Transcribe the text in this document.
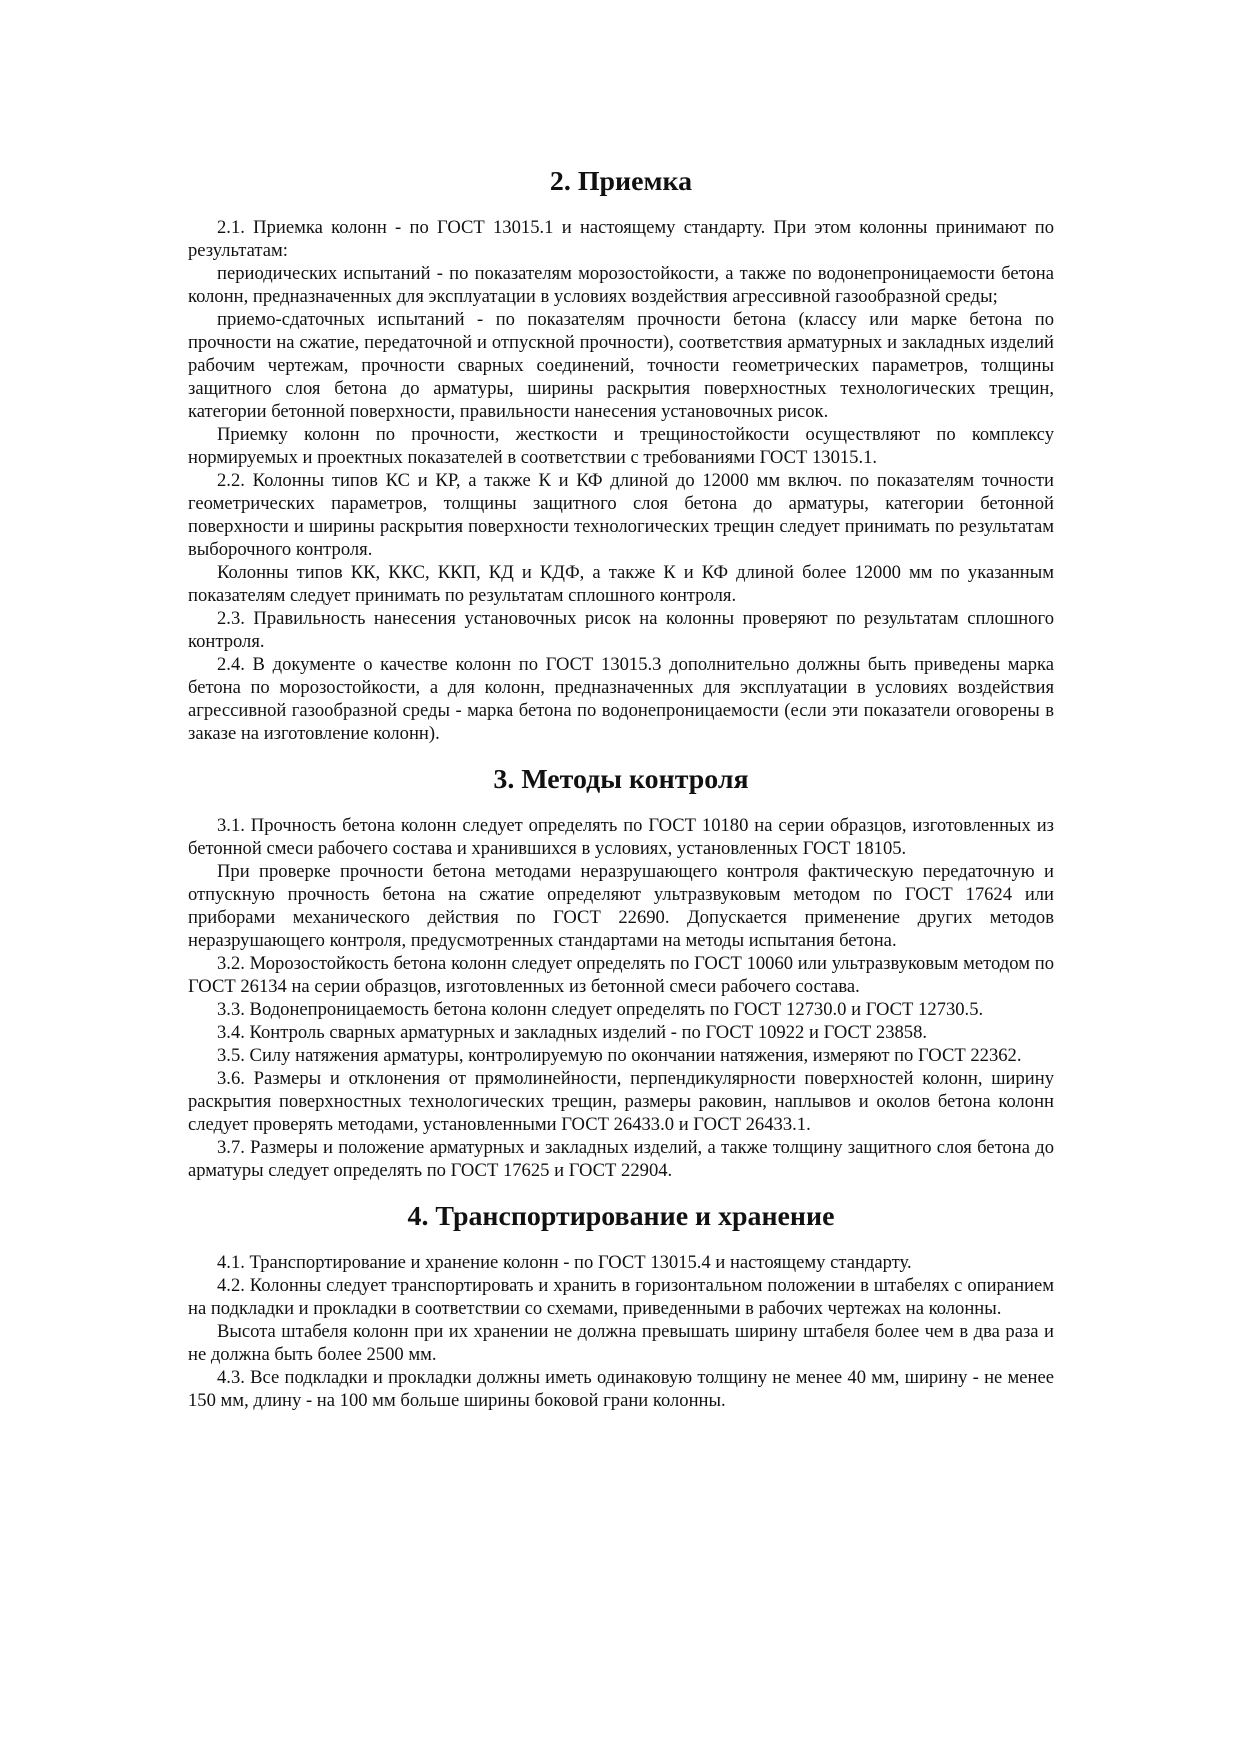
2. Приемка

2.1. Приемка колонн - по ГОСТ 13015.1 и настоящему стандарту. При этом колонны принимают по результатам:

периодических испытаний - по показателям морозостойкости, а также по водонепроницаемости бетона колонн, предназначенных для эксплуатации в условиях воздействия агрессивной газообразной среды;

приемо-сдаточных испытаний - по показателям прочности бетона (классу или марке бетона по прочности на сжатие, передаточной и отпускной прочности), соответствия арматурных и закладных изделий рабочим чертежам, прочности сварных соединений, точности геометрических параметров, толщины защитного слоя бетона до арматуры, ширины раскрытия поверхностных технологических трещин, категории бетонной поверхности, правильности нанесения установочных рисок.

Приемку колонн по прочности, жесткости и трещиностойкости осуществляют по комплексу нормируемых и проектных показателей в соответствии с требованиями ГОСТ 13015.1.

2.2. Колонны типов КС и КР, а также К и КФ длиной до 12000 мм включ. по показателям точности геометрических параметров, толщины защитного слоя бетона до арматуры, категории бетонной поверхности и ширины раскрытия поверхности технологических трещин следует принимать по результатам выборочного контроля.

Колонны типов КК, ККС, ККП, КД и КДФ, а также К и КФ длиной более 12000 мм по указанным показателям следует принимать по результатам сплошного контроля.

2.3. Правильность нанесения установочных рисок на колонны проверяют по результатам сплошного контроля.

2.4. В документе о качестве колонн по ГОСТ 13015.3 дополнительно должны быть приведены марка бетона по морозостойкости, а для колонн, предназначенных для эксплуатации в условиях воздействия агрессивной газообразной среды - марка бетона по водонепроницаемости (если эти показатели оговорены в заказе на изготовление колонн).

3. Методы контроля

3.1. Прочность бетона колонн следует определять по ГОСТ 10180 на серии образцов, изготовленных из бетонной смеси рабочего состава и хранившихся в условиях, установленных ГОСТ 18105.

При проверке прочности бетона методами неразрушающего контроля фактическую передаточную и отпускную прочность бетона на сжатие определяют ультразвуковым методом по ГОСТ 17624 или приборами механического действия по ГОСТ 22690. Допускается применение других методов неразрушающего контроля, предусмотренных стандартами на методы испытания бетона.

3.2. Морозостойкость бетона колонн следует определять по ГОСТ 10060 или ультразвуковым методом по ГОСТ 26134 на серии образцов, изготовленных из бетонной смеси рабочего состава.

3.3. Водонепроницаемость бетона колонн следует определять по ГОСТ 12730.0 и ГОСТ 12730.5.

3.4. Контроль сварных арматурных и закладных изделий - по ГОСТ 10922 и ГОСТ 23858.

3.5. Силу натяжения арматуры, контролируемую по окончании натяжения, измеряют по ГОСТ 22362.

3.6. Размеры и отклонения от прямолинейности, перпендикулярности поверхностей колонн, ширину раскрытия поверхностных технологических трещин, размеры раковин, наплывов и околов бетона колонн следует проверять методами, установленными ГОСТ 26433.0 и ГОСТ 26433.1.

3.7. Размеры и положение арматурных и закладных изделий, а также толщину защитного слоя бетона до арматуры следует определять по ГОСТ 17625 и ГОСТ 22904.

4. Транспортирование и хранение

4.1. Транспортирование и хранение колонн - по ГОСТ 13015.4 и настоящему стандарту.

4.2. Колонны следует транспортировать и хранить в горизонтальном положении в штабелях с опиранием на подкладки и прокладки в соответствии со схемами, приведенными в рабочих чертежах на колонны.

Высота штабеля колонн при их хранении не должна превышать ширину штабеля более чем в два раза и не должна быть более 2500 мм.

4.3. Все подкладки и прокладки должны иметь одинаковую толщину не менее 40 мм, ширину - не менее 150 мм, длину - на 100 мм больше ширины боковой грани колонны.
